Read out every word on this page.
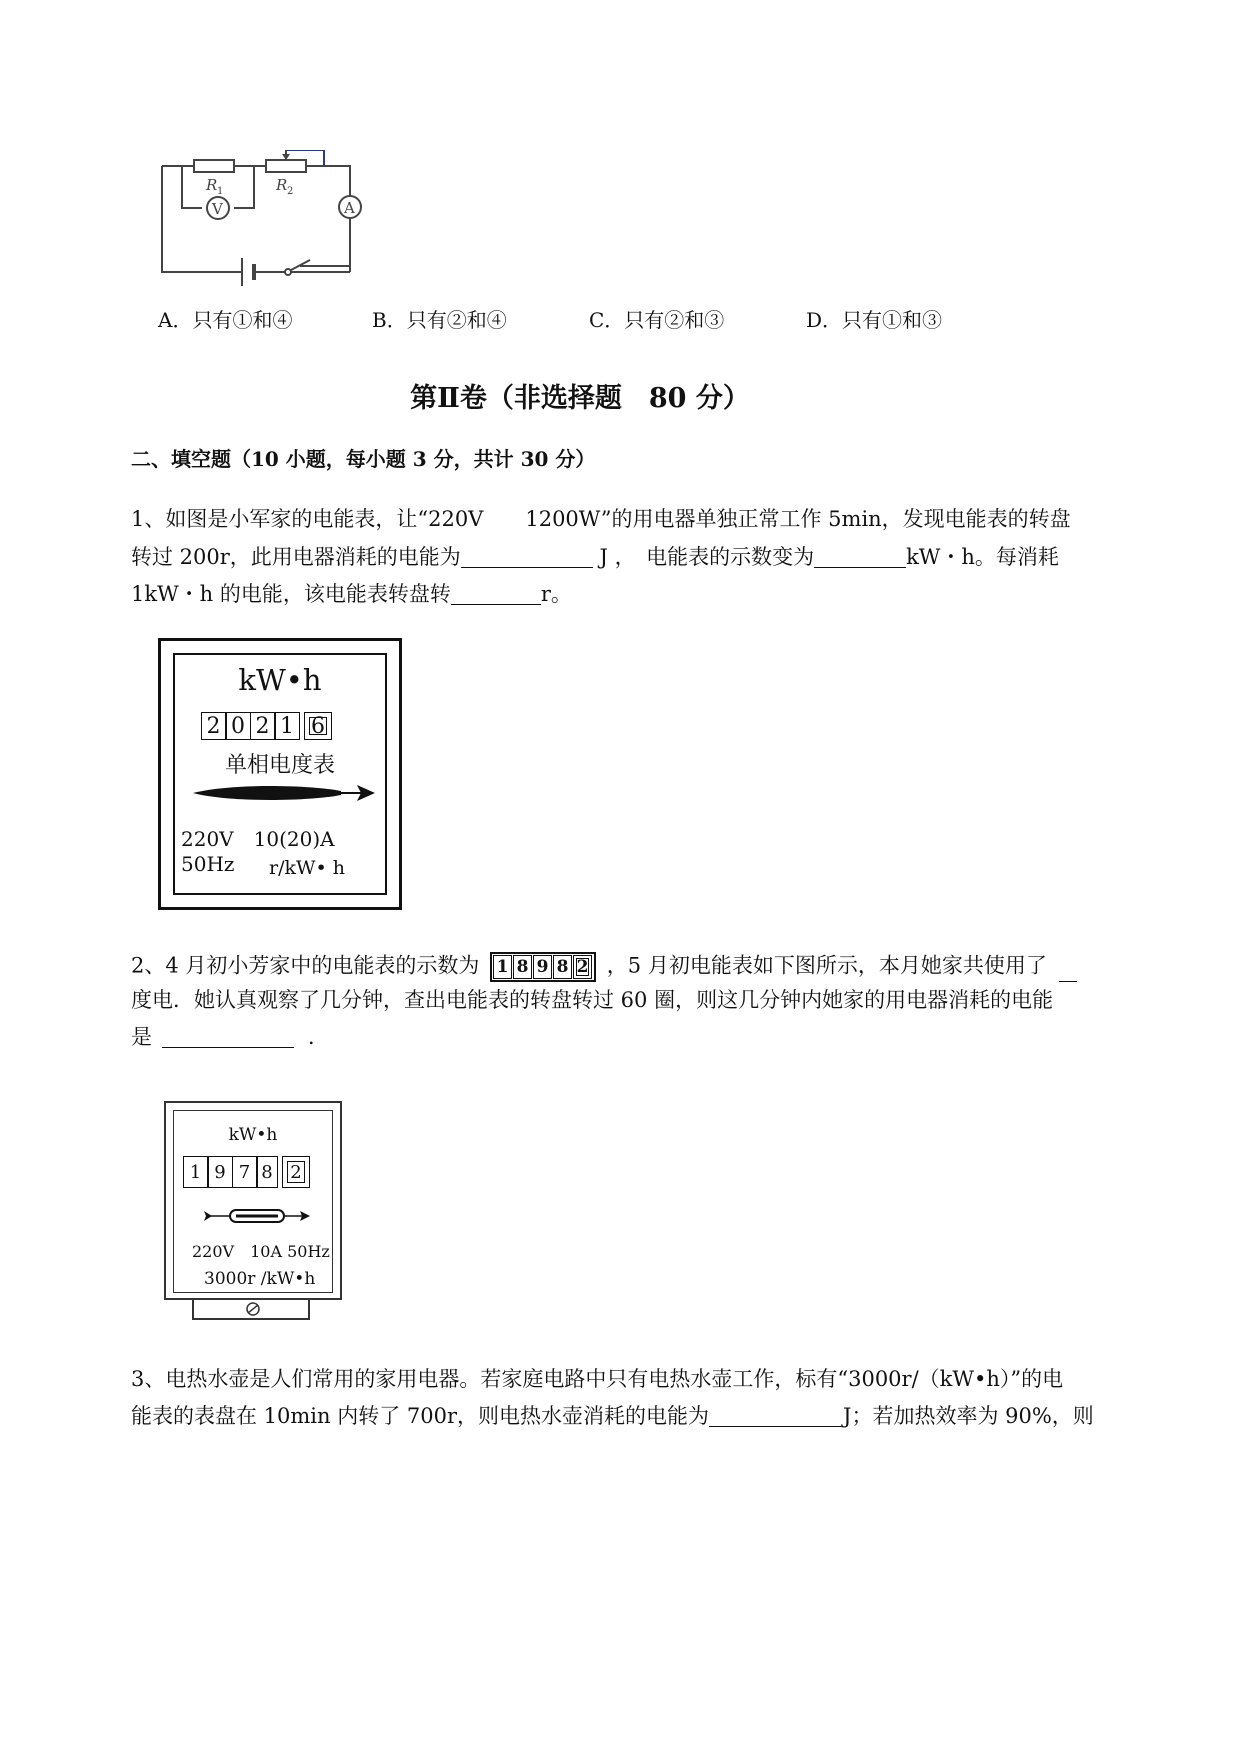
R 1	R 2
V	A
A．只有①和④	B．只有②和④	C．只有②和③	D．只有①和③
第Ⅱ卷（非选择题　80 分）
二、填空题（10 小题，每小题 3 分，共计 30 分）
1、如图是小军家的电能表，让“220V　　1200W”的用电器单独正常工作 5min，发现电能表的转盘
转过 200r，此用电器消耗的电能为	J ，　电能表的示数变为	kW・h。每消耗
1kW・h 的电能，该电能表转盘转	r。
kW•h
2 0 2 1 6
单相电度表
220V　10(20)A 50Hz	r/kW• h
2、4 月初小芳家中的电能表的示数为 1 8 9 8 2 ，5 月初电能表如下图所示，本月她家共使用了
度电．她认真观察了几分钟，查出电能表的转盘转过 60 圈，则这几分钟内她家的用电器消耗的电能
是	．
kW•h
1 9 7 8 2
220V　10A 50Hz
3000r /kW•h
3、电热水壶是人们常用的家用电器。若家庭电路中只有电热水壶工作，标有“3000r/（kW•h）”的电
能表的表盘在 10min 内转了 700r，则电热水壶消耗的电能为	J；若加热效率为 90%，则
